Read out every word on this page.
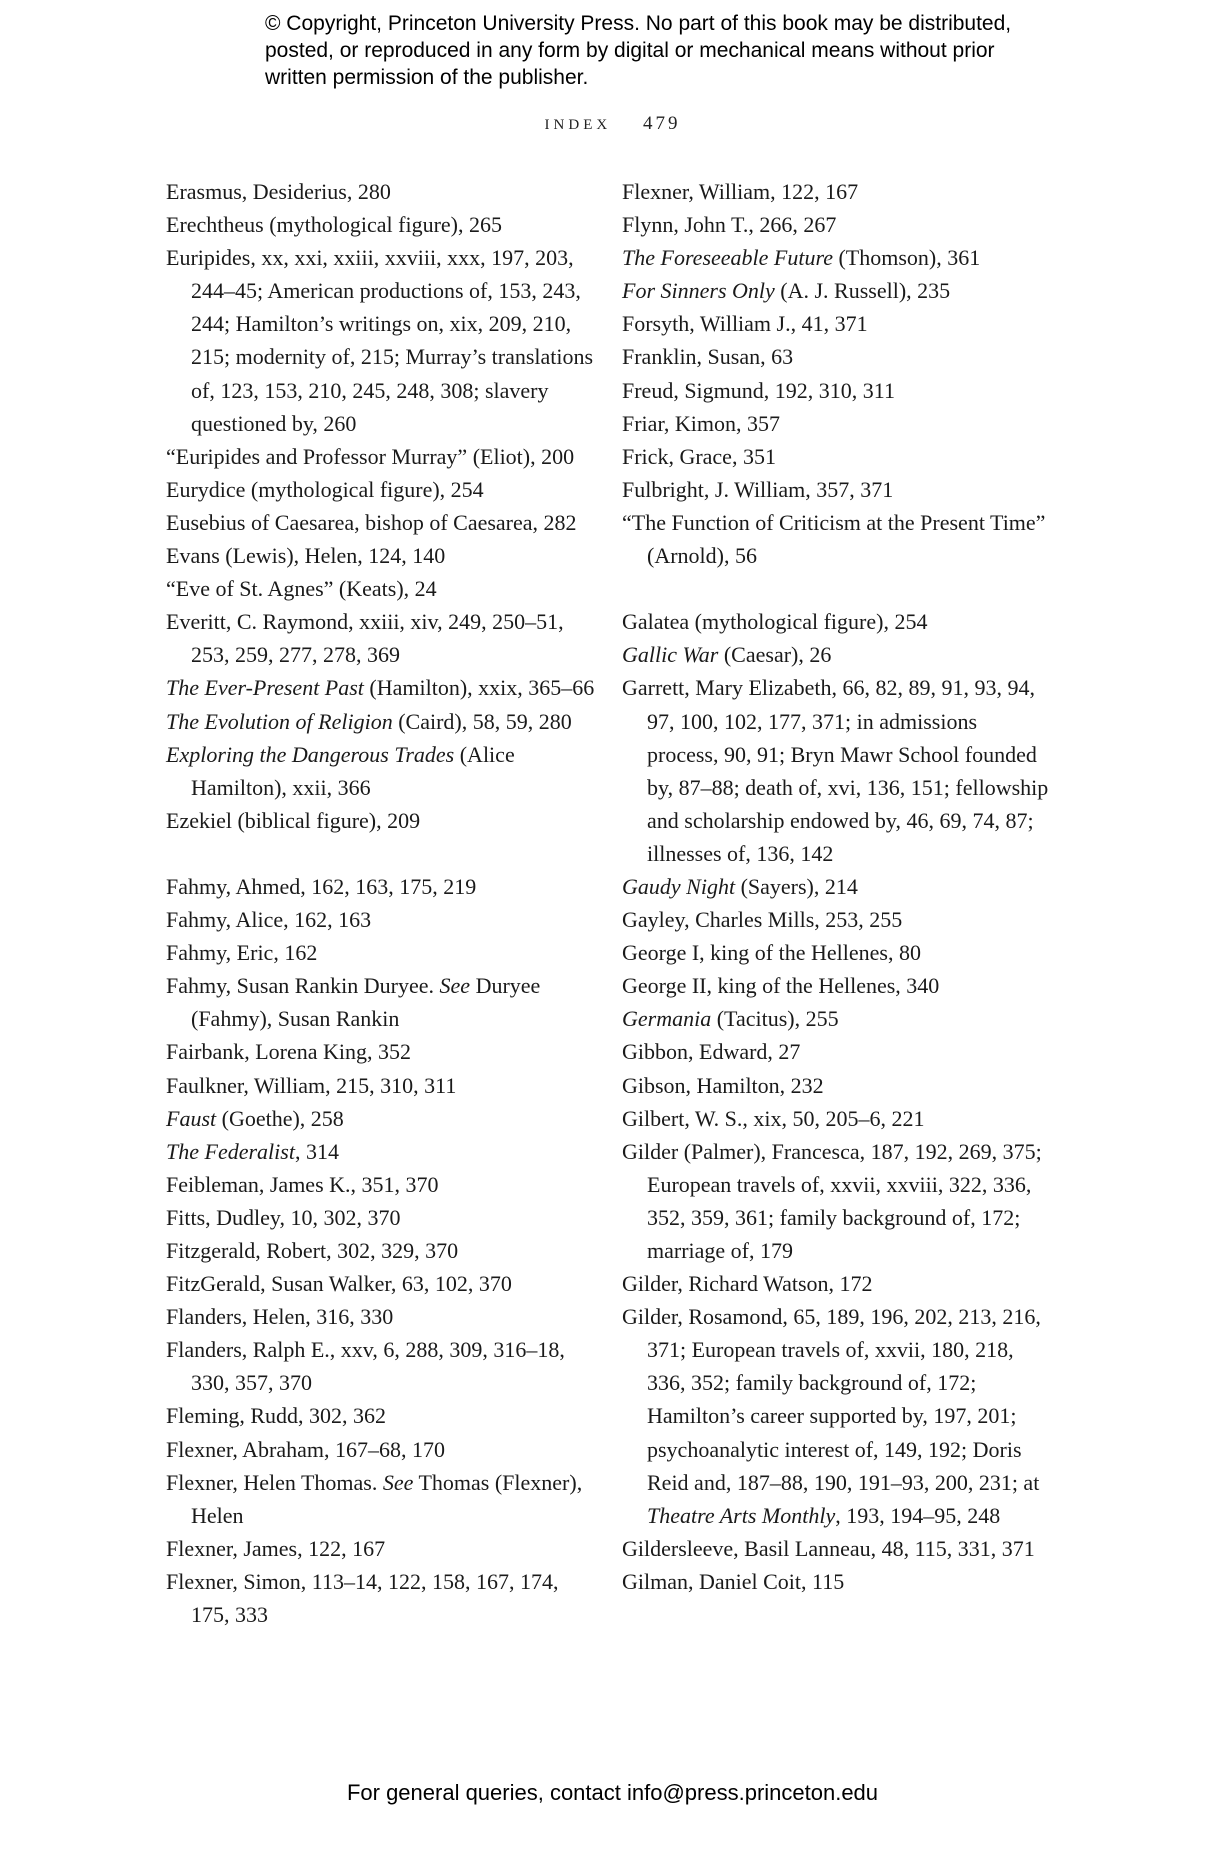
© Copyright, Princeton University Press. No part of this book may be distributed, posted, or reproduced in any form by digital or mechanical means without prior written permission of the publisher.
INDEX 479
Erasmus, Desiderius, 280
Erechtheus (mythological figure), 265
Euripides, xx, xxi, xxiii, xxviii, xxx, 197, 203, 244–45; American productions of, 153, 243, 244; Hamilton’s writings on, xix, 209, 210, 215; modernity of, 215; Murray’s translations of, 123, 153, 210, 245, 248, 308; slavery questioned by, 260
“Euripides and Professor Murray” (Eliot), 200
Eurydice (mythological figure), 254
Eusebius of Caesarea, bishop of Caesarea, 282
Evans (Lewis), Helen, 124, 140
“Eve of St. Agnes” (Keats), 24
Everitt, C. Raymond, xxiii, xiv, 249, 250–51, 253, 259, 277, 278, 369
The Ever-Present Past (Hamilton), xxix, 365–66
The Evolution of Religion (Caird), 58, 59, 280
Exploring the Dangerous Trades (Alice Hamilton), xxii, 366
Ezekiel (biblical figure), 209
Fahmy, Ahmed, 162, 163, 175, 219
Fahmy, Alice, 162, 163
Fahmy, Eric, 162
Fahmy, Susan Rankin Duryee. See Duryee (Fahmy), Susan Rankin
Fairbank, Lorena King, 352
Faulkner, William, 215, 310, 311
Faust (Goethe), 258
The Federalist, 314
Feibleman, James K., 351, 370
Fitts, Dudley, 10, 302, 370
Fitzgerald, Robert, 302, 329, 370
FitzGerald, Susan Walker, 63, 102, 370
Flanders, Helen, 316, 330
Flanders, Ralph E., xxv, 6, 288, 309, 316–18, 330, 357, 370
Fleming, Rudd, 302, 362
Flexner, Abraham, 167–68, 170
Flexner, Helen Thomas. See Thomas (Flexner), Helen
Flexner, James, 122, 167
Flexner, Simon, 113–14, 122, 158, 167, 174, 175, 333
Flexner, William, 122, 167
Flynn, John T., 266, 267
The Foreseeable Future (Thomson), 361
For Sinners Only (A. J. Russell), 235
Forsyth, William J., 41, 371
Franklin, Susan, 63
Freud, Sigmund, 192, 310, 311
Friar, Kimon, 357
Frick, Grace, 351
Fulbright, J. William, 357, 371
“The Function of Criticism at the Present Time” (Arnold), 56
Galatea (mythological figure), 254
Gallic War (Caesar), 26
Garrett, Mary Elizabeth, 66, 82, 89, 91, 93, 94, 97, 100, 102, 177, 371; in admissions process, 90, 91; Bryn Mawr School founded by, 87–88; death of, xvi, 136, 151; fellowship and scholarship endowed by, 46, 69, 74, 87; illnesses of, 136, 142
Gaudy Night (Sayers), 214
Gayley, Charles Mills, 253, 255
George I, king of the Hellenes, 80
George II, king of the Hellenes, 340
Germania (Tacitus), 255
Gibbon, Edward, 27
Gibson, Hamilton, 232
Gilbert, W. S., xix, 50, 205–6, 221
Gilder (Palmer), Francesca, 187, 192, 269, 375; European travels of, xxvii, xxviii, 322, 336, 352, 359, 361; family background of, 172; marriage of, 179
Gilder, Richard Watson, 172
Gilder, Rosamond, 65, 189, 196, 202, 213, 216, 371; European travels of, xxvii, 180, 218, 336, 352; family background of, 172; Hamilton’s career supported by, 197, 201; psychoanalytic interest of, 149, 192; Doris Reid and, 187–88, 190, 191–93, 200, 231; at Theatre Arts Monthly, 193, 194–95, 248
Gildersleeve, Basil Lanneau, 48, 115, 331, 371
Gilman, Daniel Coit, 115
For general queries, contact info@press.princeton.edu
